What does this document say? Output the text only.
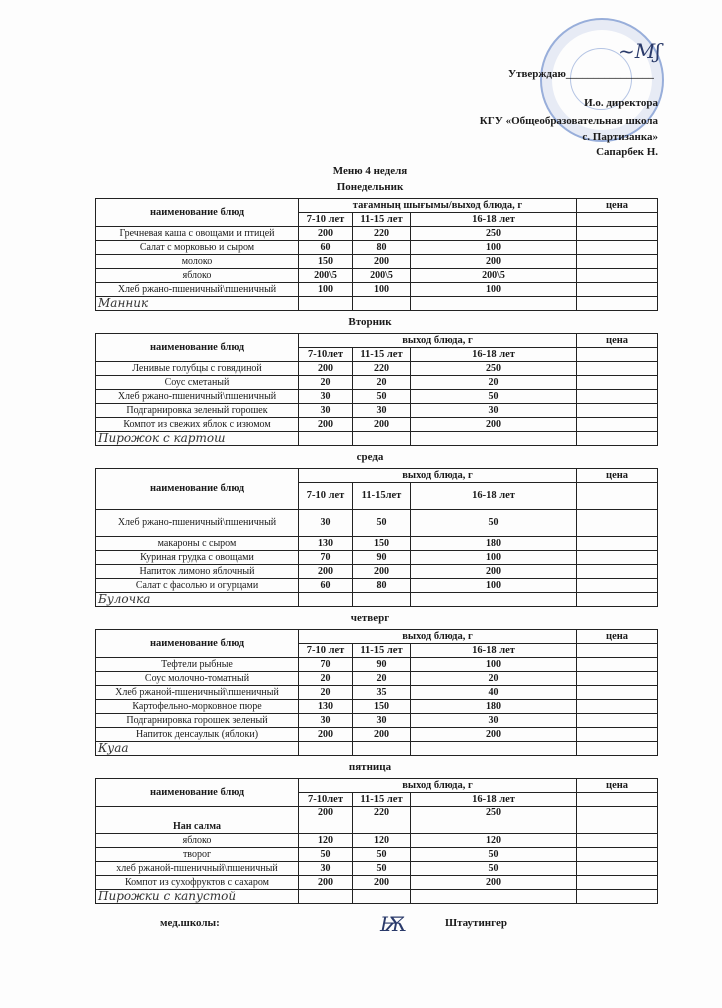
~Mʃ
Утверждаю________________
И.о. директора
КГУ «Общеобразовательная школа
с. Партизанка»
Сапарбек Н.
Меню 4 неделя
Понедельник
наименование блюд	тағамның шығымы/выход блюда, г			цена
	7-10 лет	11-15 лет	16-18 лет	
Гречневая каша с овощами и птицей	200	220	250	
Салат с морковью и сыром	60	80	100	
молоко	150	200	200	
яблоко	200\5	200\5	200\5	
Хлеб ржано-пшеничный\пшеничный	100	100	100	
Манник				
Вторник
наименование блюд	выход блюда, г			цена
	7-10лет	11-15 лет	16-18 лет	
Ленивые голубцы с говядиной	200	220	250	
Соус сметаный	20	20	20	
Хлеб ржано-пшеничный\пшеничный	30	50	50	
Подгарнировка зеленый горошек	30	30	30	
Компот из свежих яблок с изюмом	200	200	200	
Пирожок с картош				
среда
наименование блюд	выход блюда, г			цена
	7-10 лет	11-15лет	16-18 лет	
Хлеб ржано-пшеничный\пшеничный	30	50	50	
макароны с сыром	130	150	180	
Куриная грудка с овощами	70	90	100	
Напиток лимоно яблочный	200	200	200	
Салат с фасолью и огурцами	60	80	100	
Булочка				
четверг
наименование блюд	выход блюда, г			цена
	7-10 лет	11-15 лет	16-18 лет	
Тефтели рыбные	70	90	100	
Соус молочно-томатный	20	20	20	
Хлеб ржаной-пшеничный\пшеничный	20	35	40	
Картофельно-морковное пюре	130	150	180	
Подгарнировка горошек зеленый	30	30	30	
Напиток денсаулык (яблоки)	200	200	200	
Куаа				
пятница
наименование блюд	выход блюда, г			цена
	7-10лет	11-15 лет	16-18 лет	
Нан салма	200	220	250	
яблоко	120	120	120	
творог	50	50	50	
хлеб ржаной-пшеничный\пшеничный	30	50	50	
Компот из сухофруктов с сахаром	200	200	200	
Пирожки с капустой				
мед.школы:	Ѭ	Штаутингер
